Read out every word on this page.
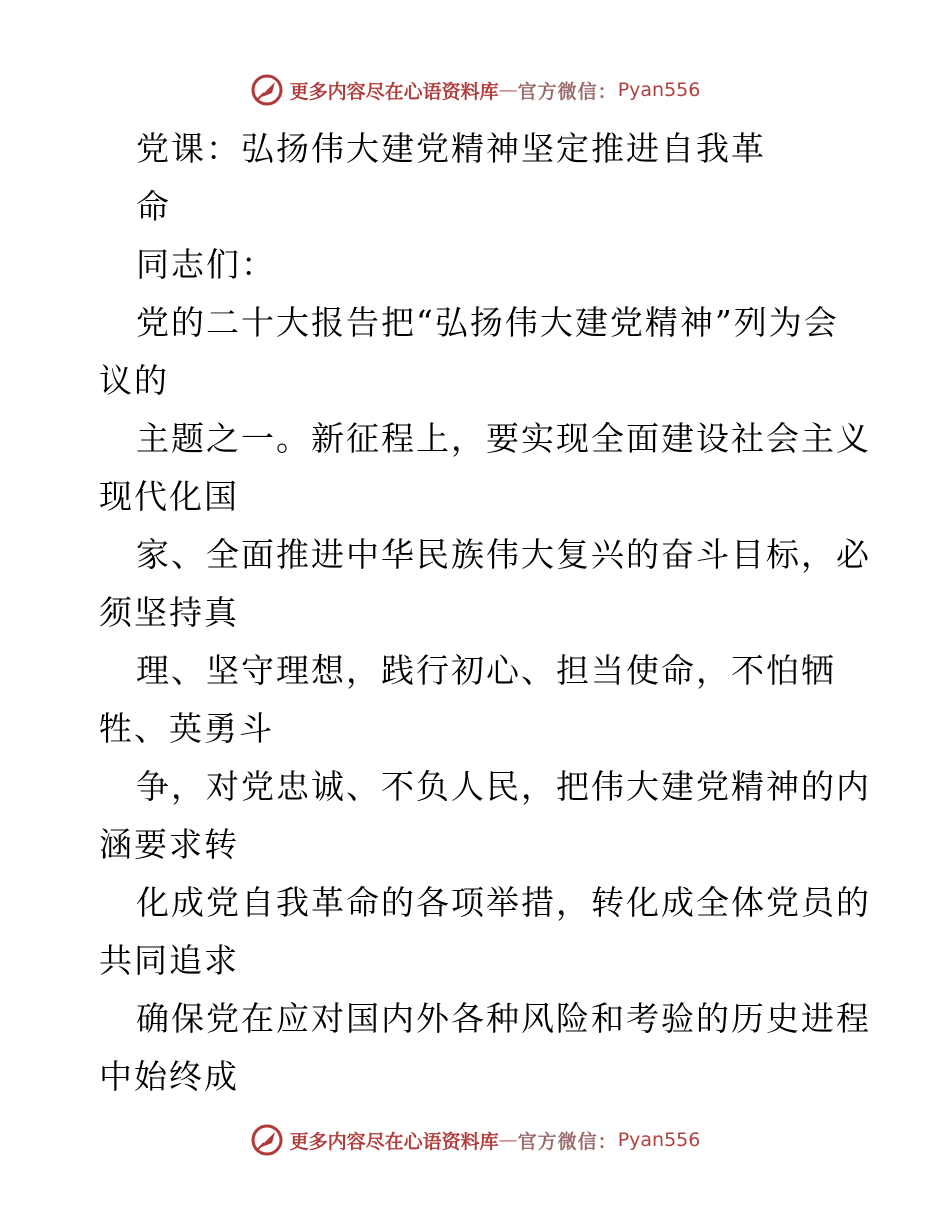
更多内容尽在心语资料库 — 官方微信： Pyan556
党课：弘扬伟大建党精神坚定推进自我革
命
同志们：
党的二十大报告把“弘扬伟大建党精神”列为会
议的
主题之一。新征程上，要实现全面建设社会主义
现代化国
家、全面推进中华民族伟大复兴的奋斗目标，必
须坚持真
理、坚守理想，践行初心、担当使命，不怕牺
牲、英勇斗
争，对党忠诚、不负人民，把伟大建党精神的内
涵要求转
化成党自我革命的各项举措，转化成全体党员的
共同追求
确保党在应对国内外各种风险和考验的历史进程
中始终成
更多内容尽在心语资料库 — 官方微信： Pyan556
